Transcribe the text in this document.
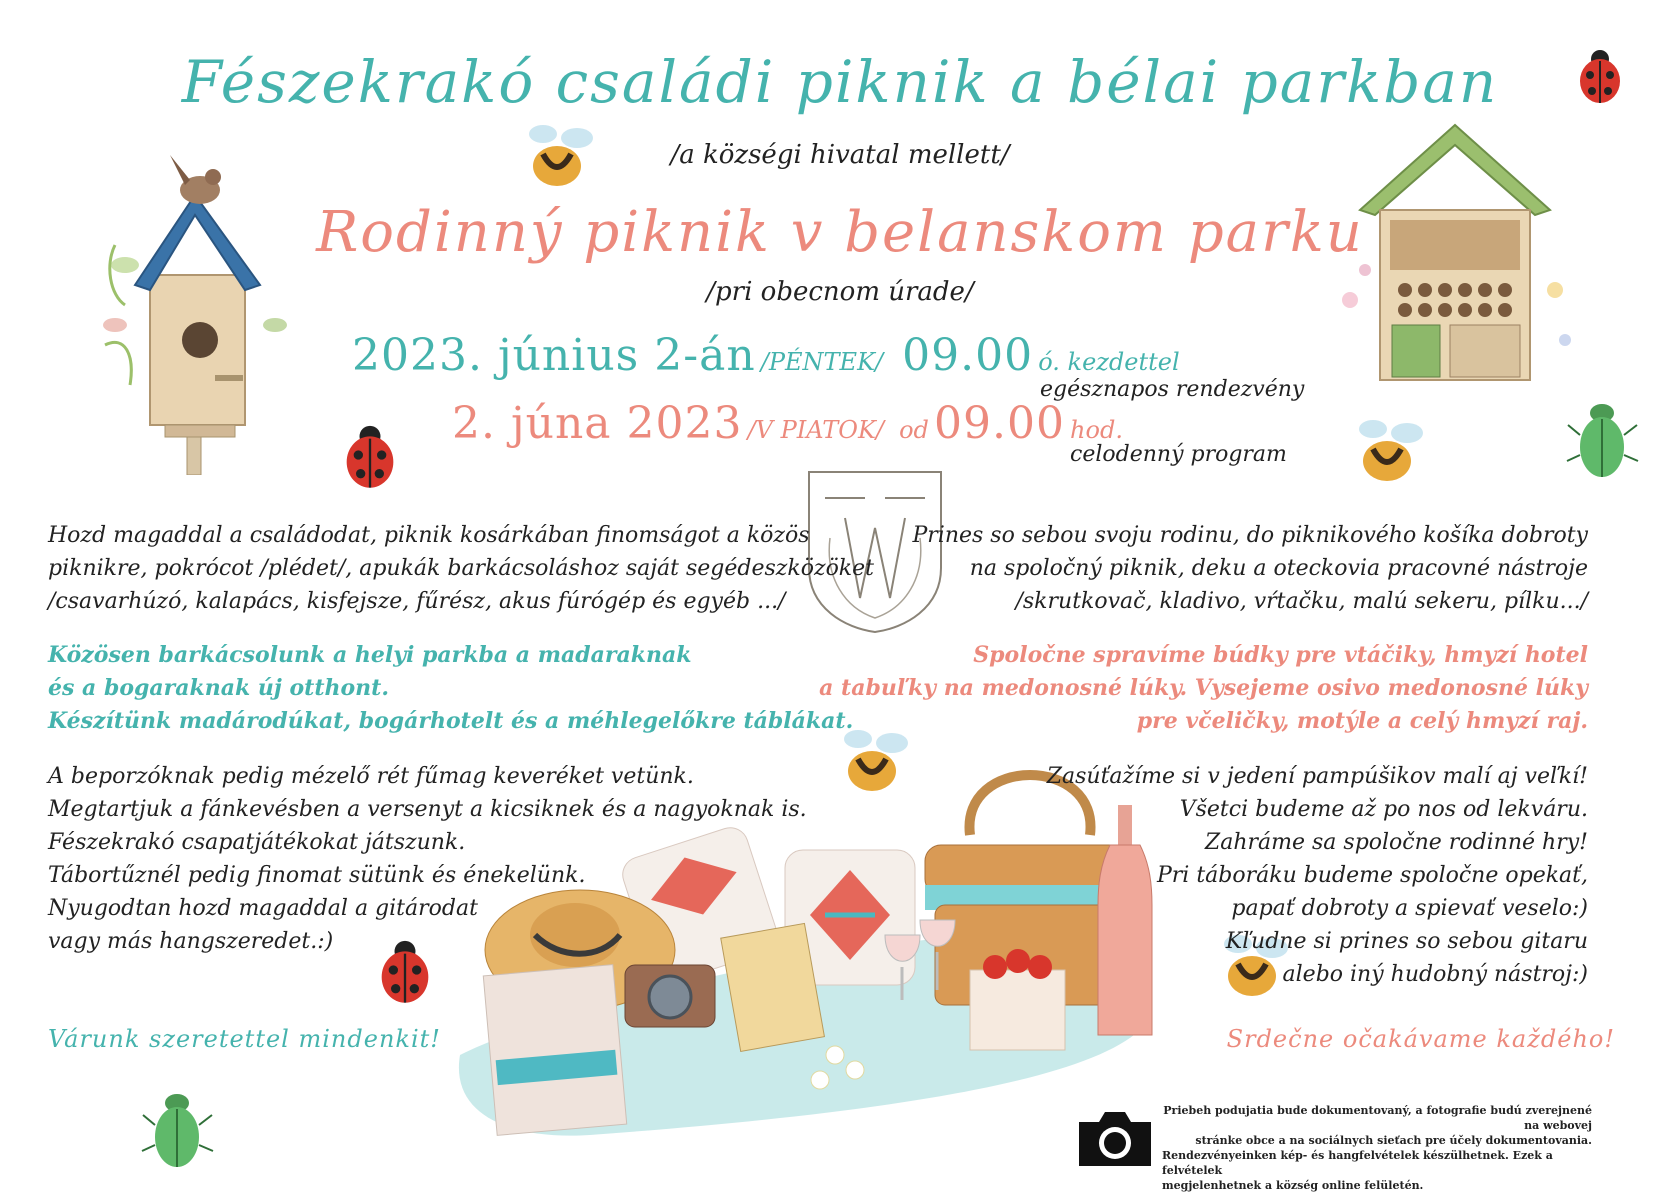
Fészekrakó családi piknik a bélai parkban
/a községi hivatal mellett/
Rodinný piknik v belanskom parku
/pri obecnom úrade/
2023. június 2-án /PÉNTEK/ 09.00 ó. kezdettel
egésznapos rendezvény
2. júna 2023 /V PIATOK/ od 09.00 hod.
celodenný program
Hozd magaddal a családodat, piknik kosárkában finomságot a közös
piknikre, pokrócot /plédet/, apukák barkácsoláshoz saját segédeszközöket
/csavarhúzó, kalapács, kisfejsze, fűrész, akus fúrógép és egyéb .../
Közösen barkácsolunk a helyi parkba a madaraknak
és a bogaraknak új otthont.
Készítünk madárodúkat, bogárhotelt és a méhlegelőkre táblákat.
A beporzóknak pedig mézelő rét fűmag keveréket vetünk.
Megtartjuk a fánkevésben a versenyt a kicsiknek és a nagyoknak is.
Fészekrakó csapatjátékokat játszunk.
Tábortűznél pedig finomat sütünk és énekelünk.
Nyugodtan hozd magaddal a gitárodat
vagy más hangszeredet.:)
Várunk szeretettel mindenkit!
Prines so sebou svoju rodinu, do piknikového košíka dobroty
na spoločný piknik, deku a oteckovia pracovné nástroje
/skrutkovač, kladivo, vŕtačku, malú sekeru, pílku.../
Spoločne spravíme búdky pre vtáčiky, hmyzí hotel
a tabuľky na medonosné lúky. Vysejeme osivo medonosné lúky
pre včeličky, motýle a celý hmyzí raj.
Zasúťažíme si v jedení pampúšikov malí aj veľkí!
Všetci budeme až po nos od lekváru.
Zahráme sa spoločne rodinné hry!
Pri táboráku budeme spoločne opekať,
papať dobroty a spievať veselo:)
Kľudne si prines so sebou gitaru
alebo iný hudobný nástroj:)
Srdečne očakávame každého!
Priebeh podujatia bude dokumentovaný, a fotografie budú zverejnené na webovej
stránke obce a na sociálnych sieťach pre účely dokumentovania.
Rendezvényeinken kép- és hangfelvételek készülhetnek. Ezek a felvételek
megjelenhetnek a község online felületén.
